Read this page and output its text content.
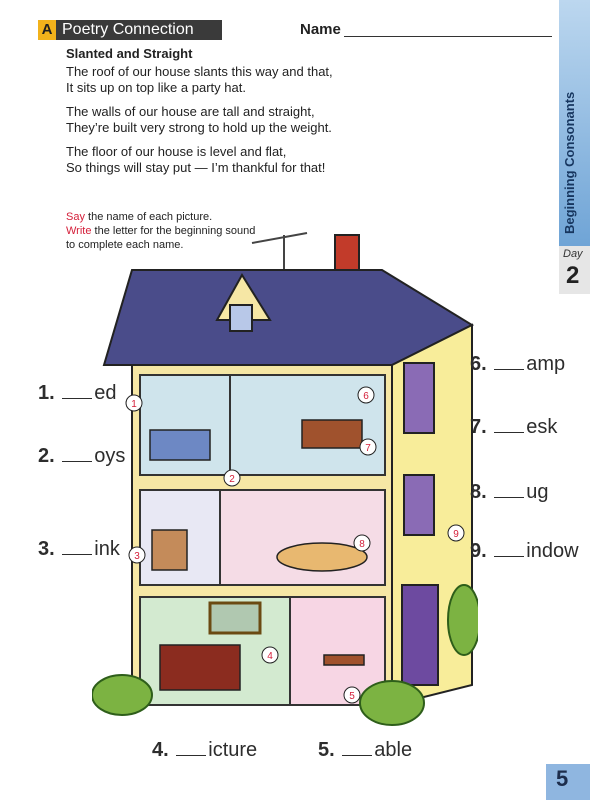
A Poetry Connection	Name
Slanted and Straight
The roof of our house slants this way and that,
It sits up on top like a party hat.
The walls of our house are tall and straight,
They’re built very strong to hold up the weight.
The floor of our house is level and flat,
So things will stay put — I’m thankful for that!
Say the name of each picture.
Write the letter for the beginning sound to complete each name.
Beginning Consonants
Day
2
1
2
3
4
5
6
7
8
9
1. ed
2. oys
3. ink
4. icture	5. able
6. amp
7. esk
8. ug
9. indow
5
